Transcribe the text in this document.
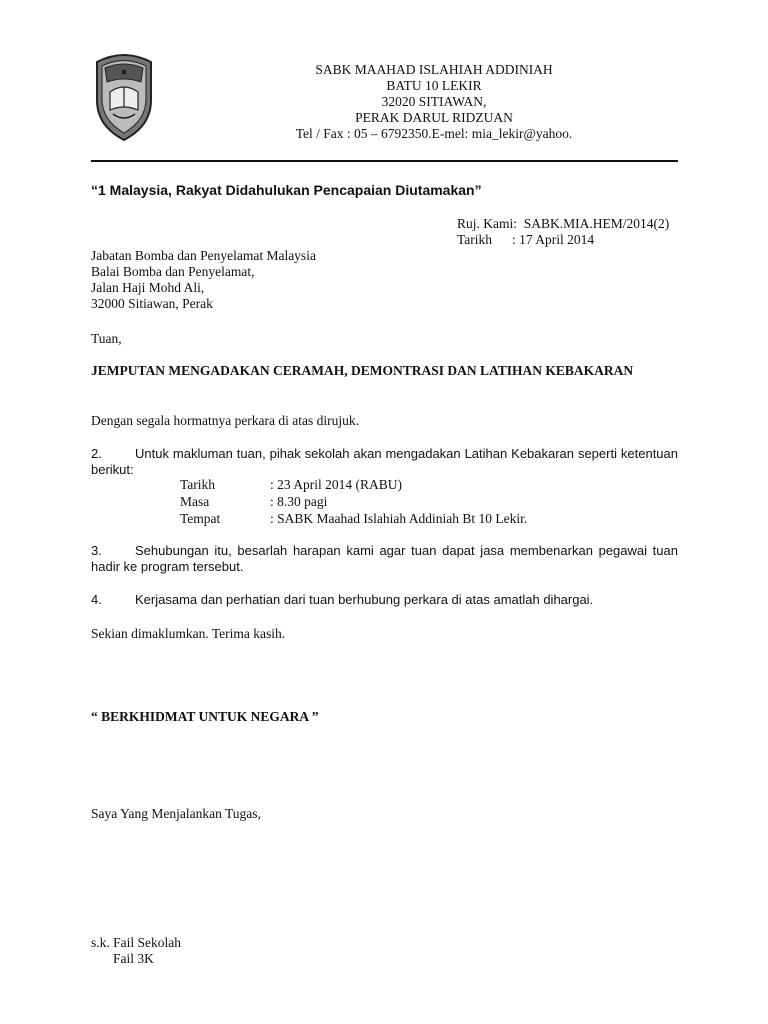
SABK MAAHAD ISLAHIAH ADDINIAH
BATU 10 LEKIR
32020 SITIAWAN,
PERAK DARUL RIDZUAN
Tel / Fax : 05 – 6792350.E-mel: mia_lekir@yahoo.
“1 Malaysia, Rakyat Didahulukan Pencapaian Diutamakan”
Ruj. Kami: SABK.MIA.HEM/2014(2)
Tarikh : 17 April 2014
Jabatan Bomba dan Penyelamat Malaysia
Balai Bomba dan Penyelamat,
Jalan Haji Mohd Ali,
32000 Sitiawan, Perak
Tuan,
JEMPUTAN MENGADAKAN CERAMAH, DEMONTRASI DAN LATIHAN KEBAKARAN
Dengan segala hormatnya perkara di atas dirujuk.
2.	Untuk makluman tuan, pihak sekolah akan mengadakan Latihan Kebakaran seperti ketentuan berikut:
Tarikh	: 23 April 2014 (RABU)
Masa	: 8.30 pagi
Tempat	: SABK Maahad Islahiah Addiniah Bt 10 Lekir.
3.	Sehubungan itu, besarlah harapan kami agar tuan dapat jasa membenarkan pegawai tuan hadir ke program tersebut.
4.	Kerjasama dan perhatian dari tuan berhubung perkara di atas amatlah dihargai.
Sekian dimaklumkan. Terima kasih.
“ BERKHIDMAT UNTUK NEGARA ”
Saya Yang Menjalankan Tugas,
s.k. Fail Sekolah
Fail 3K
